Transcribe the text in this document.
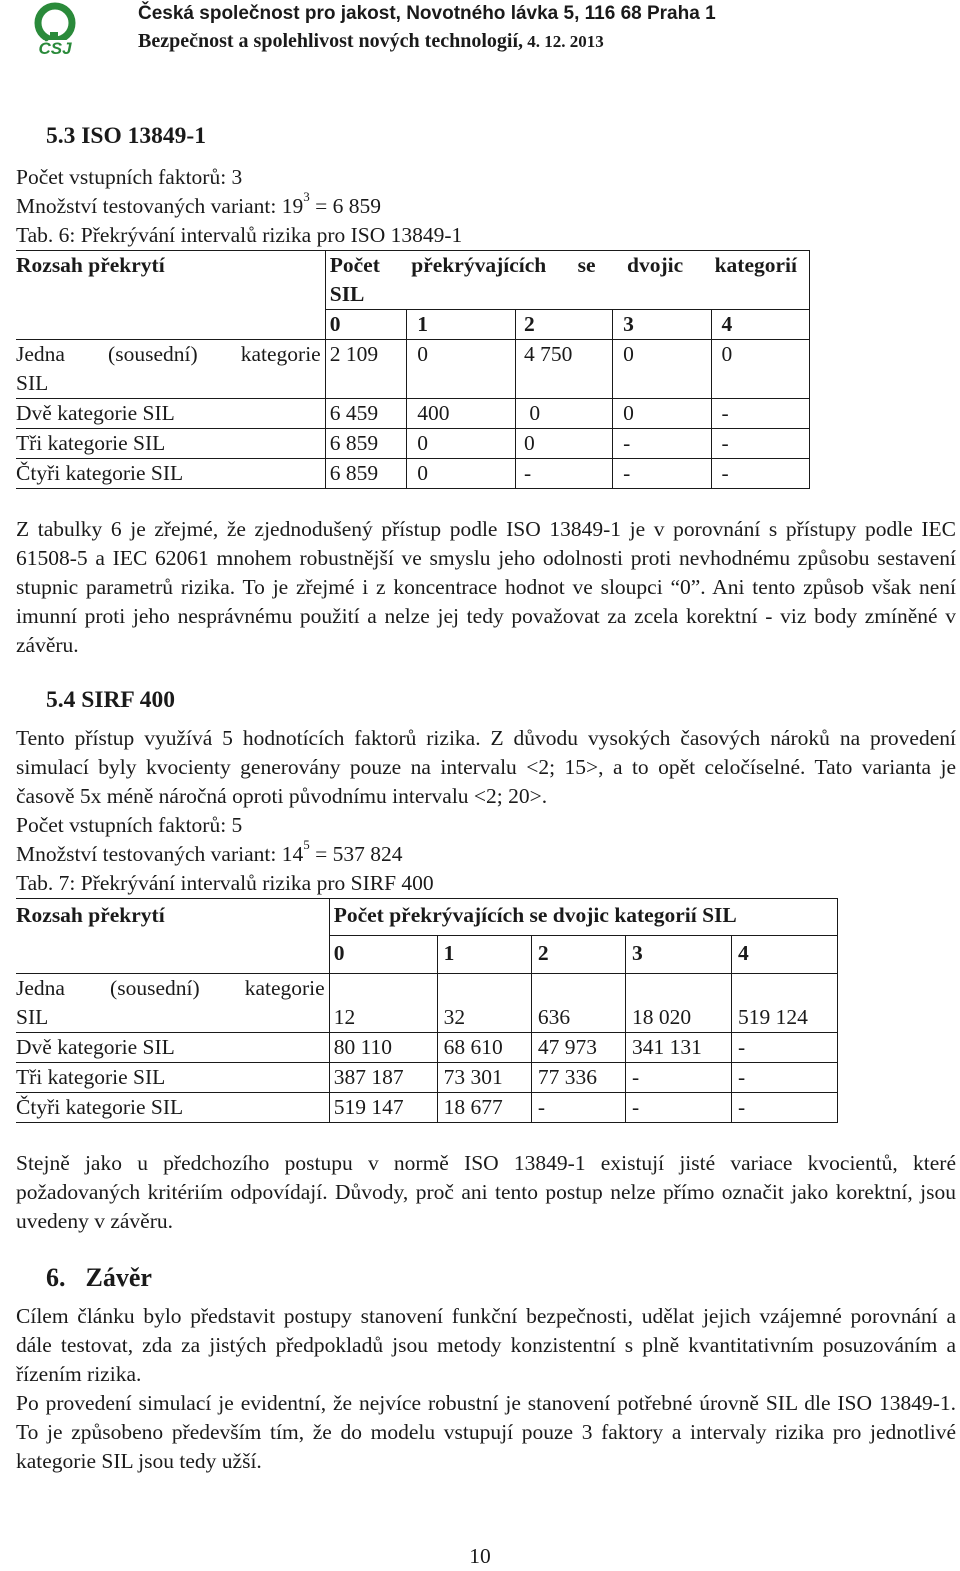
ČSJ
Česká společnost pro jakost, Novotného lávka 5, 116 68 Praha 1
Bezpečnost a spolehlivost nových technologií, 4. 12. 2013
5.3 ISO 13849-1

Počet vstupních faktorů: 3

Množství testovaných variant: $19^3 = 6$ 859

Tab. 6: Překrývání intervalů rizika pro ISO 13849-1

Rozsah překrytí	Počet překrývajících se dvojic kategorií
SIL				

	0	1	2	3	4

Jedna (sousední) kategorie
SIL	2 109	0	4 750	0	0
Dvě kategorie SIL	6 459	400	0	0	-
Tři kategorie SIL	6 859	0	0	-	-
Čtyři kategorie SIL	6 859	0	-	-	-

Z tabulky 6 je zřejmé, že zjednodušený přístup podle ISO 13849-1 je v porovnání s přístupy podle IEC 61508-5 a IEC 62061 mnohem robustnější ve smyslu jeho odolnosti proti nevhodnému způsobu sestavení stupnic parametrů rizika. To je zřejmé i z koncentrace hodnot ve sloupci “0”. Ani tento způsob však není imunní proti jeho nesprávnému použití a nelze jej tedy považovat za zcela korektní - viz body zmíněné v závěru.

5.4 SIRF 400

Tento přístup využívá 5 hodnotících faktorů rizika. Z důvodu vysokých časových nároků na provedení simulací byly kvocienty generovány pouze na intervalu <2; 15>, a to opět celočíselné. Tato varianta je časově 5x méně náročná oproti původnímu intervalu <2; 20>.

Počet vstupních faktorů: 5

Množství testovaných variant: $14^5 = 537$ 824

Tab. 7: Překrývání intervalů rizika pro SIRF 400

Rozsah překrytí	Počet překrývajících se dvojic kategorií SIL				
	0	1	2	3	4

Jedna (sousední) kategorie
SIL	12	32	636	18 020	519 124
Dvě kategorie SIL	80 110	68 610	47 973	341 131	-
Tři kategorie SIL	387 187	73 301	77 336	-	-
Čtyři kategorie SIL	519 147	18 677	-	-	-

Stejně jako u předchozího postupu v normě ISO 13849-1 existují jisté variace kvocientů, které požadovaných kritériím odpovídají. Důvody, proč ani tento postup nelze přímo označit jako korektní, jsou uvedeny v závěru.

6. Závěr

Cílem článku bylo představit postupy stanovení funkční bezpečnosti, udělat jejich vzájemné porovnání a dále testovat, zda za jistých předpokladů jsou metody konzistentní s plně kvantitativním posuzováním a řízením rizika.

Po provedení simulací je evidentní, že nejvíce robustní je stanovení potřebné úrovně SIL dle ISO 13849-1. To je způsobeno především tím, že do modelu vstupují pouze 3 faktory a intervaly rizika pro jednotlivé kategorie SIL jsou tedy užší.

10
